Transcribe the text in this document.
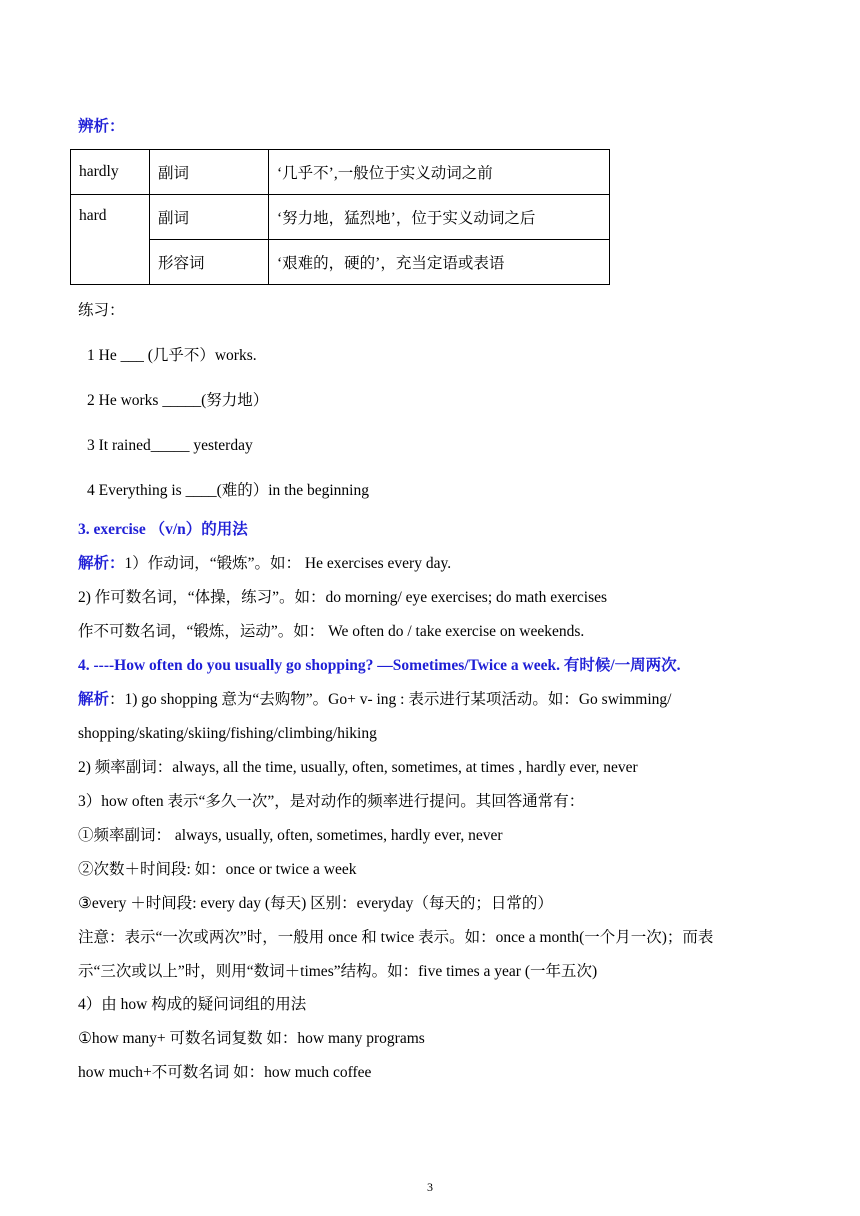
辨析：
hardly	副词	‘几乎不’,一般位于实义动词之前
hard	副词	‘努力地，猛烈地’，位于实义动词之后
	形容词	‘艰难的，硬的’，充当定语或表语
练习：
1 He ___ (几乎不）works.
2 He works _____(努力地）
3 It rained_____ yesterday
4 Everything is ____(难的）in the beginning
3. exercise （v/n）的用法
解析：1）作动词，“锻炼”。如： He exercises every day.
2) 作可数名词，“体操，练习”。如：do morning/ eye exercises; do math exercises
作不可数名词，“锻炼，运动”。如： We often do / take exercise on weekends.
4. ----How often do you usually go shopping? —Sometimes/Twice a week. 有时候/一周两次.
解析：1) go shopping 意为“去购物”。Go+ v- ing : 表示进行某项活动。如：Go swimming/
shopping/skating/skiing/fishing/climbing/hiking
2) 频率副词：always, all the time, usually, often, sometimes, at times , hardly ever, never
3）how often 表示“多久一次”，是对动作的频率进行提问。其回答通常有：
①频率副词： always, usually, often, sometimes, hardly ever, never
②次数＋时间段: 如：once or twice a week
③every ＋时间段: every day (每天) 区别：everyday（每天的；日常的）
注意：表示“一次或两次”时，一般用 once 和 twice 表示。如：once a month(一个月一次)；而表
示“三次或以上”时，则用“数词＋times”结构。如：five times a year (一年五次)
4）由 how 构成的疑问词组的用法
①how many+ 可数名词复数 如：how many programs
how much+不可数名词 如：how much coffee
3
